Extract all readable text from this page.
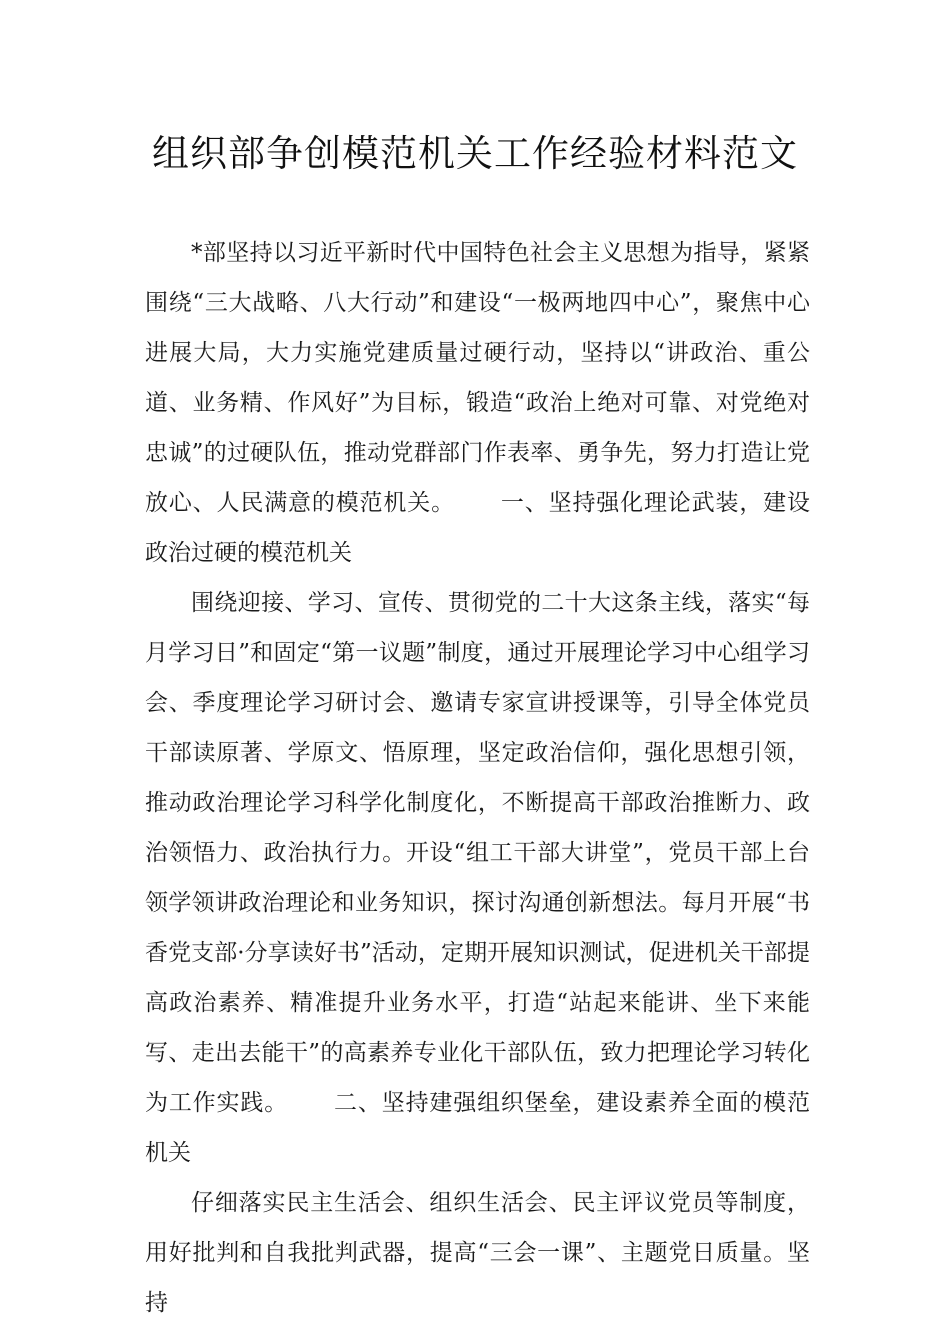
组织部争创模范机关工作经验材料范文

*部坚持以习近平新时代中国特色社会主义思想为指导，紧紧围绕“三大战略、八大行动”和建设“一极两地四中心”，聚焦中心进展大局，大力实施党建质量过硬行动，坚持以“讲政治、重公道、业务精、作风好”为目标，锻造“政治上绝对可靠、对党绝对忠诚”的过硬队伍，推动党群部门作表率、勇争先，努力打造让党放心、人民满意的模范机关。 一、坚持强化理论武装，建设政治过硬的模范机关

围绕迎接、学习、宣传、贯彻党的二十大这条主线，落实“每月学习日”和固定“第一议题”制度，通过开展理论学习中心组学习会、季度理论学习研讨会、邀请专家宣讲授课等，引导全体党员干部读原著、学原文、悟原理，坚定政治信仰，强化思想引领，推动政治理论学习科学化制度化，不断提高干部政治推断力、政治领悟力、政治执行力。开设“组工干部大讲堂”，党员干部上台领学领讲政治理论和业务知识，探讨沟通创新想法。每月开展“书香党支部·分享读好书”活动，定期开展知识测试，促进机关干部提高政治素养、精准提升业务水平，打造“站起来能讲、坐下来能写、走出去能干”的高素养专业化干部队伍，致力把理论学习转化为工作实践。 二、坚持建强组织堡垒，建设素养全面的模范机关

仔细落实民主生活会、组织生活会、民主评议党员等制度，用好批判和自我批判武器，提高“三会一课”、主题党日质量。坚持
